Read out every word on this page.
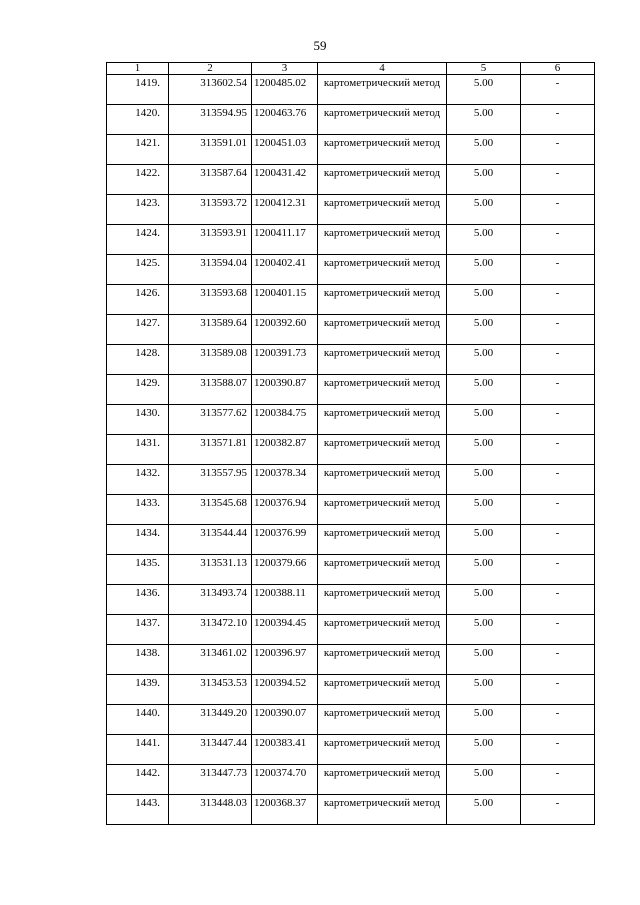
59
1	2	3	4	5	6
1419.	313602.54	1200485.02	картометрический метод	5.00	-
1420.	313594.95	1200463.76	картометрический метод	5.00	-
1421.	313591.01	1200451.03	картометрический метод	5.00	-
1422.	313587.64	1200431.42	картометрический метод	5.00	-
1423.	313593.72	1200412.31	картометрический метод	5.00	-
1424.	313593.91	1200411.17	картометрический метод	5.00	-
1425.	313594.04	1200402.41	картометрический метод	5.00	-
1426.	313593.68	1200401.15	картометрический метод	5.00	-
1427.	313589.64	1200392.60	картометрический метод	5.00	-
1428.	313589.08	1200391.73	картометрический метод	5.00	-
1429.	313588.07	1200390.87	картометрический метод	5.00	-
1430.	313577.62	1200384.75	картометрический метод	5.00	-
1431.	313571.81	1200382.87	картометрический метод	5.00	-
1432.	313557.95	1200378.34	картометрический метод	5.00	-
1433.	313545.68	1200376.94	картометрический метод	5.00	-
1434.	313544.44	1200376.99	картометрический метод	5.00	-
1435.	313531.13	1200379.66	картометрический метод	5.00	-
1436.	313493.74	1200388.11	картометрический метод	5.00	-
1437.	313472.10	1200394.45	картометрический метод	5.00	-
1438.	313461.02	1200396.97	картометрический метод	5.00	-
1439.	313453.53	1200394.52	картометрический метод	5.00	-
1440.	313449.20	1200390.07	картометрический метод	5.00	-
1441.	313447.44	1200383.41	картометрический метод	5.00	-
1442.	313447.73	1200374.70	картометрический метод	5.00	-
1443.	313448.03	1200368.37	картометрический метод	5.00	-
